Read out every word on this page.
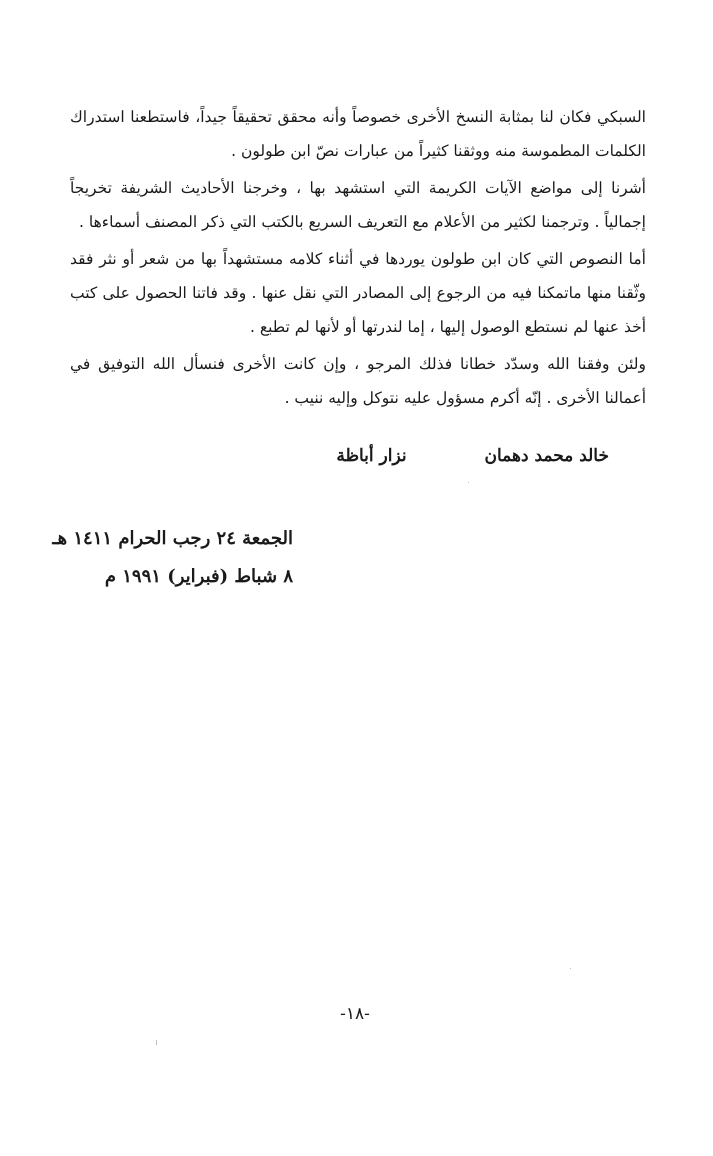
السبكي فكان لنا بمثابة النسخ الأخرى خصوصاً وأنه محقق تحقيقاً جيداً، فاستطعنا استدراك الكلمات المطموسة منه ووثقنا كثيراً من عبارات نصّ ابن طولون .

أشرنا إلى مواضع الآيات الكريمة التي استشهد بها ، وخرجنا الأحاديث الشريفة تخريجاً إجمالياً . وترجمنا لكثير من الأعلام مع التعريف السريع بالكتب التي ذكر المصنف أسماءها .

أما النصوص التي كان ابن طولون يوردها في أثناء كلامه مستشهداً بها من شعر أو نثر فقد وثّقنا منها ماتمكنا فيه من الرجوع إلى المصادر التي نقل عنها . وقد فاتنا الحصول على كتب أخذ عنها لم نستطع الوصول إليها ، إما لندرتها أو لأنها لم تطبع .

ولئن وفقنا الله وسدّد خطانا فذلك المرجو ، وإن كانت الأخرى فنسأل الله التوفيق في أعمالنا الأخرى . إنّه أكرم مسؤول عليه نتوكل وإليه ننيب .

خالد محمد دهمان نزار أباظة
الجمعة ٢٤ رجب الحرام ١٤١١ هـ
٨ شباط (فبراير) ١٩٩١ م
-١٨-
